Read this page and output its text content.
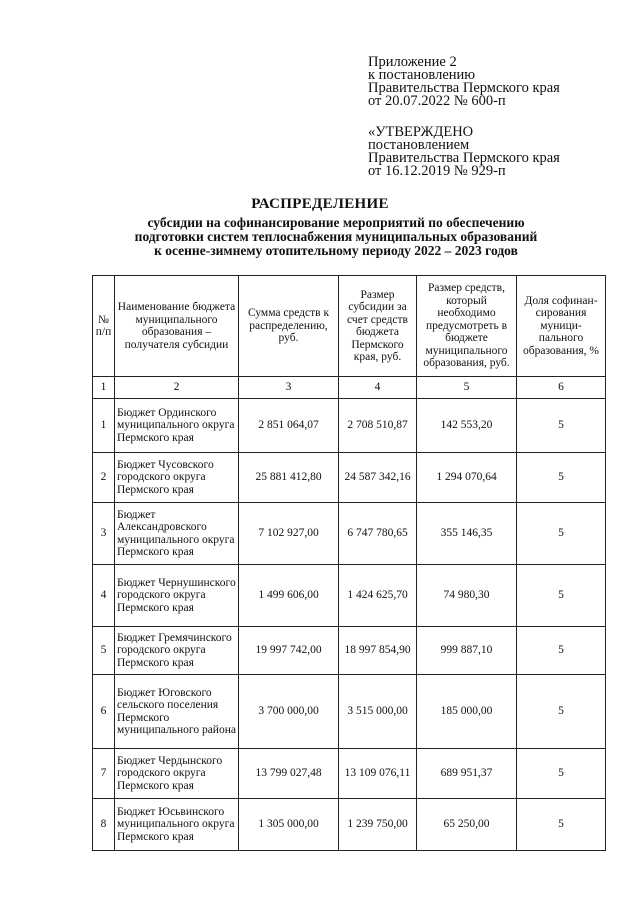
Приложение 2
к постановлению
Правительства Пермского края
от 20.07.2022 № 600-п
«УТВЕРЖДЕНО
постановлением
Правительства Пермского края
от 16.12.2019 № 929-п
РАСПРЕДЕЛЕНИЕ
субсидии на софинансирование мероприятий по обеспечению
подготовки систем теплоснабжения муниципальных образований
к осенне-зимнему отопительному периоду 2022 – 2023 годов
№ п/п	Наименование бюджета муниципального образования – получателя субсидии	Сумма средств к распределению, руб.	Размер субсидии за счет средств бюджета Пермского края, руб.	Размер средств, который необходимо предусмотреть в бюджете муниципального образования, руб.	Доля софинан-сирования муници-пального образования, %
1	2	3	4	5	6
1	Бюджет Ординского муниципального округа Пермского края	2 851 064,07	2 708 510,87	142 553,20	5
2	Бюджет Чусовского городского округа Пермского края	25 881 412,80	24 587 342,16	1 294 070,64	5
3	Бюджет Александровского муниципального округа Пермского края	7 102 927,00	6 747 780,65	355 146,35	5
4	Бюджет Чернушинского городского округа Пермского края	1 499 606,00	1 424 625,70	74 980,30	5
5	Бюджет Гремячинского городского округа Пермского края	19 997 742,00	18 997 854,90	999 887,10	5
6	Бюджет Юговского сельского поселения Пермского муниципального района	3 700 000,00	3 515 000,00	185 000,00	5
7	Бюджет Чердынского городского округа Пермского края	13 799 027,48	13 109 076,11	689 951,37	5
8	Бюджет Юсьвинского муниципального округа Пермского края	1 305 000,00	1 239 750,00	65 250,00	5
